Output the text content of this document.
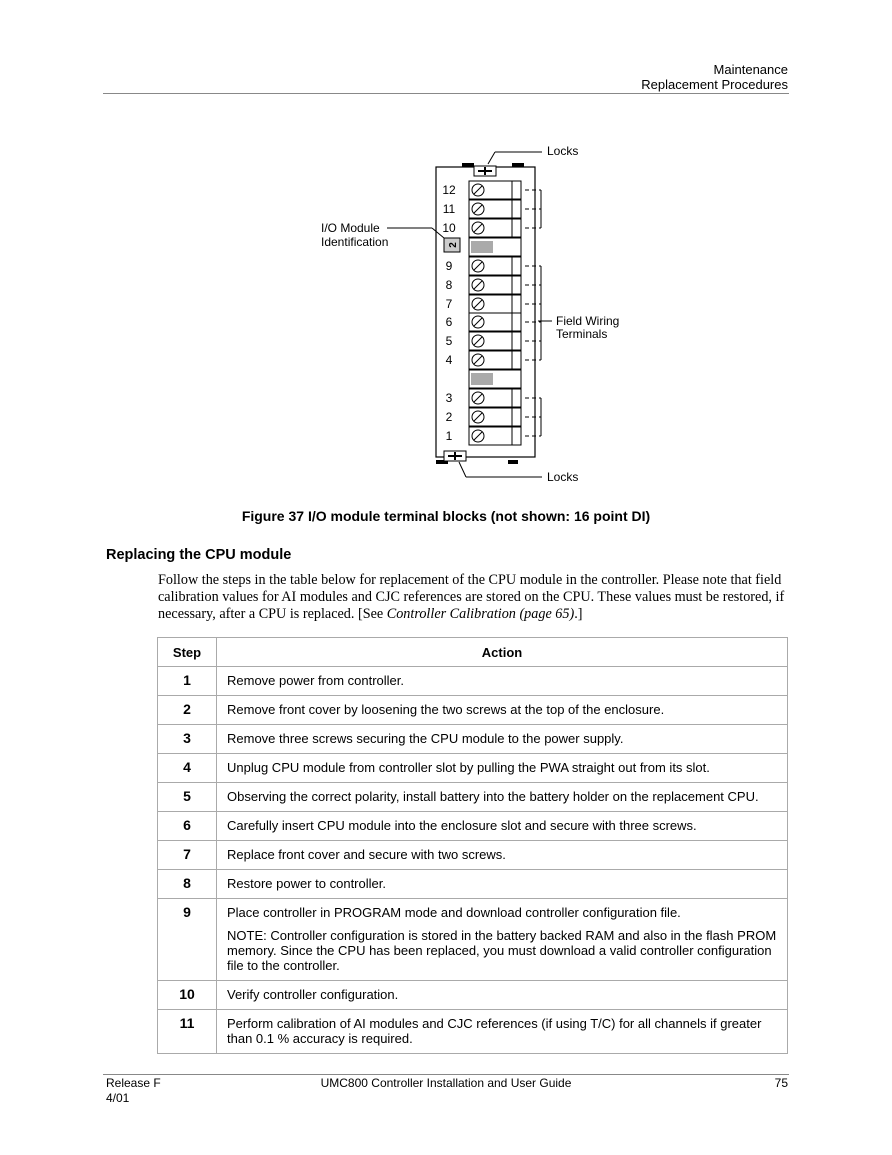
Maintenance
Replacement Procedures
Locks
Locks
I/O Module
Identification	2
Field Wiring
Terminals
12
11
10
9
8
7
6
5
4
3
2
1
Figure 37 I/O module terminal blocks (not shown: 16 point DI)
Replacing the CPU module
Follow the steps in the table below for replacement of the CPU module in the controller. Please note that field calibration values for AI modules and CJC references are stored on the CPU. These values must be restored, if necessary, after a CPU is replaced. [See Controller Calibration (page 65).]
Step	Action
1	Remove power from controller.

2	Remove front cover by loosening the two screws at the top of the enclosure.

3	Remove three screws securing the CPU module to the power supply.

4	Unplug CPU module from controller slot by pulling the PWA straight out from its slot.

5	Observing the correct polarity, install battery into the battery holder on the replacement CPU.

6	Carefully insert CPU module into the enclosure slot and secure with three screws.

7	Replace front cover and secure with two screws.

8	Restore power to controller.

9	Place controller in PROGRAM mode and download controller configuration file.

NOTE: Controller configuration is stored in the battery backed RAM and also in the flash PROM memory. Since the CPU has been replaced, you must download a valid controller configuration file to the controller.

10	Verify controller configuration.

11	Perform calibration of AI modules and CJC references (if using T/C) for all channels if greater than 0.1 % accuracy is required.

Release F
4/01
UMC800 Controller Installation and User Guide	75
